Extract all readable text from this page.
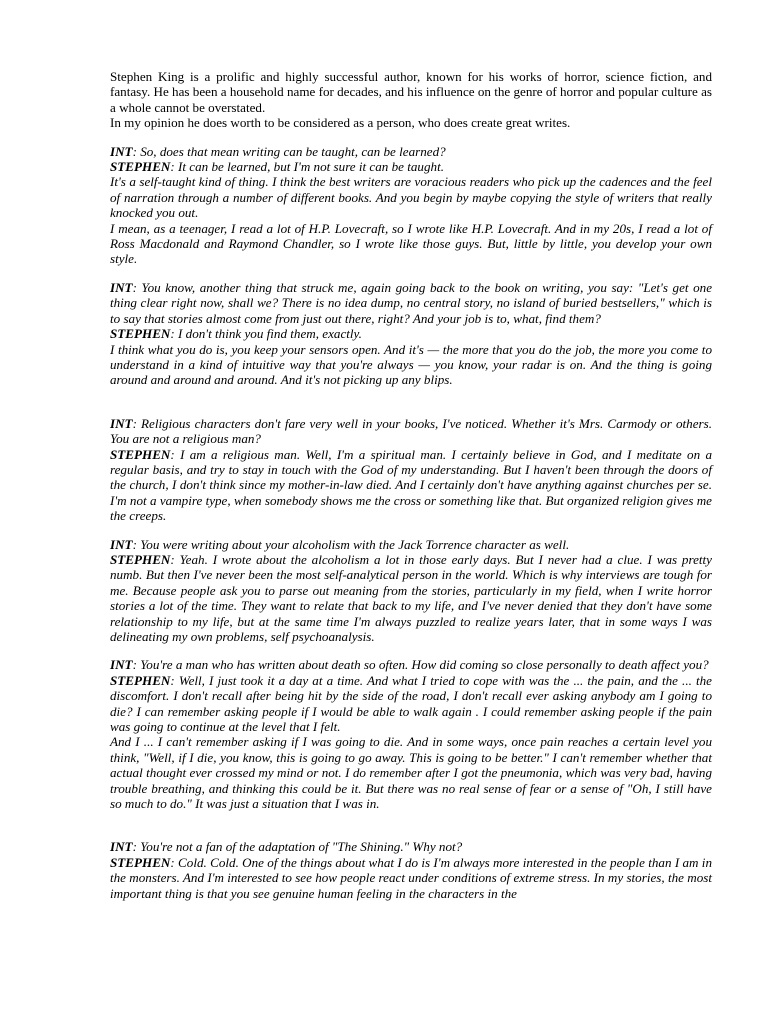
Stephen King is a prolific and highly successful author, known for his works of horror, science fiction, and fantasy. He has been a household name for decades, and his influence on the genre of horror and popular culture as a whole cannot be overstated.

In my opinion he does worth to be considered as a person, who does create great writes.

INT: So, does that mean writing can be taught, can be learned?

STEPHEN: It can be learned, but I'm not sure it can be taught.

It's a self-taught kind of thing. I think the best writers are voracious readers who pick up the cadences and the feel of narration through a number of different books. And you begin by maybe copying the style of writers that really knocked you out.

I mean, as a teenager, I read a lot of H.P. Lovecraft, so I wrote like H.P. Lovecraft. And in my 20s, I read a lot of Ross Macdonald and Raymond Chandler, so I wrote like those guys. But, little by little, you develop your own style.

INT: You know, another thing that struck me, again going back to the book on writing, you say: "Let's get one thing clear right now, shall we? There is no idea dump, no central story, no island of buried bestsellers," which is to say that stories almost come from just out there, right? And your job is to, what, find them?

STEPHEN: I don't think you find them, exactly.

I think what you do is, you keep your sensors open. And it's — the more that you do the job, the more you come to understand in a kind of intuitive way that you're always — you know, your radar is on. And the thing is going around and around and around. And it's not picking up any blips.

INT: Religious characters don't fare very well in your books, I've noticed. Whether it's Mrs. Carmody or others. You are not a religious man?

STEPHEN: I am a religious man. Well, I'm a spiritual man. I certainly believe in God, and I meditate on a regular basis, and try to stay in touch with the God of my understanding. But I haven't been through the doors of the church, I don't think since my mother-in-law died. And I certainly don't have anything against churches per se. I'm not a vampire type, when somebody shows me the cross or something like that. But organized religion gives me the creeps.

INT: You were writing about your alcoholism with the Jack Torrence character as well.

STEPHEN: Yeah. I wrote about the alcoholism a lot in those early days. But I never had a clue. I was pretty numb. But then I've never been the most self-analytical person in the world. Which is why interviews are tough for me. Because people ask you to parse out meaning from the stories, particularly in my field, when I write horror stories a lot of the time. They want to relate that back to my life, and I've never denied that they don't have some relationship to my life, but at the same time I'm always puzzled to realize years later, that in some ways I was delineating my own problems, self psychoanalysis.

INT: You're a man who has written about death so often. How did coming so close personally to death affect you?

STEPHEN: Well, I just took it a day at a time. And what I tried to cope with was the ... the pain, and the ... the discomfort. I don't recall after being hit by the side of the road, I don't recall ever asking anybody am I going to die? I can remember asking people if I would be able to walk again . I could remember asking people if the pain was going to continue at the level that I felt.

And I ... I can't remember asking if I was going to die. And in some ways, once pain reaches a certain level you think, "Well, if I die, you know, this is going to go away. This is going to be better." I can't remember whether that actual thought ever crossed my mind or not. I do remember after I got the pneumonia, which was very bad, having trouble breathing, and thinking this could be it. But there was no real sense of fear or a sense of "Oh, I still have so much to do." It was just a situation that I was in.

INT: You're not a fan of the adaptation of "The Shining." Why not?

STEPHEN: Cold. Cold. One of the things about what I do is I'm always more interested in the people than I am in the monsters. And I'm interested to see how people react under conditions of extreme stress. In my stories, the most important thing is that you see genuine human feeling in the characters in the
